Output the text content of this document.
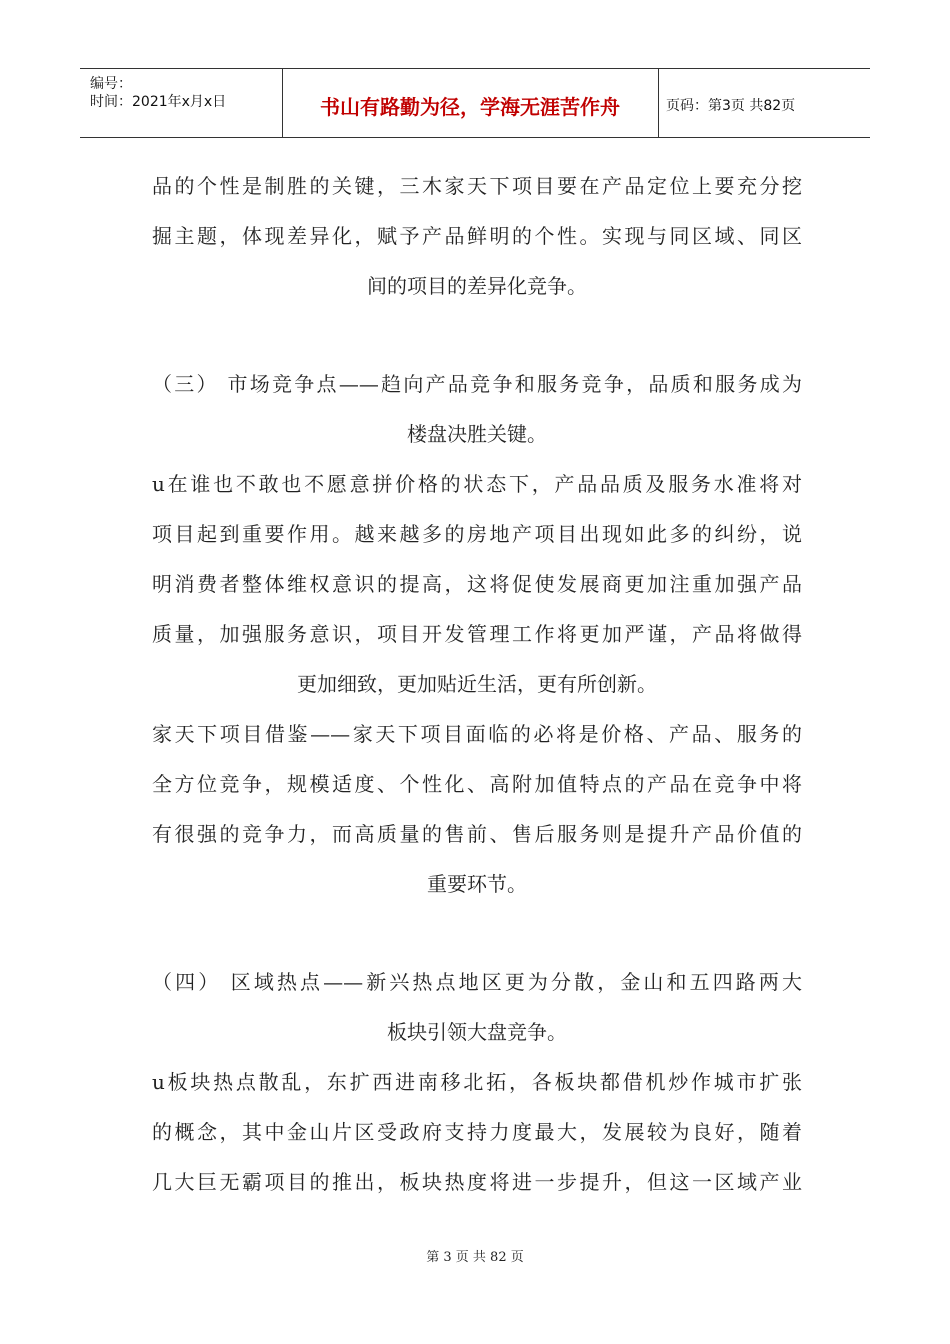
编号：
时间：2021年x月x日	书山有路勤为径，学海无涯苦作舟	页码：第3页 共82页
品的个性是制胜的关键，三木家天下项目要在产品定位上要充分挖
掘主题，体现差异化，赋予产品鲜明的个性。实现与同区域、同区
间的项目的差异化竞争。
（三） 市场竞争点——趋向产品竞争和服务竞争，品质和服务成为
楼盘决胜关键。
u在谁也不敢也不愿意拼价格的状态下，产品品质及服务水准将对
项目起到重要作用。越来越多的房地产项目出现如此多的纠纷，说
明消费者整体维权意识的提高，这将促使发展商更加注重加强产品
质量，加强服务意识，项目开发管理工作将更加严谨，产品将做得
更加细致，更加贴近生活，更有所创新。
家天下项目借鉴——家天下项目面临的必将是价格、产品、服务的
全方位竞争，规模适度、个性化、高附加值特点的产品在竞争中将
有很强的竞争力，而高质量的售前、售后服务则是提升产品价值的
重要环节。
（四） 区域热点——新兴热点地区更为分散，金山和五四路两大
板块引领大盘竞争。
u板块热点散乱，东扩西进南移北拓，各板块都借机炒作城市扩张
的概念，其中金山片区受政府支持力度最大，发展较为良好，随着
几大巨无霸项目的推出，板块热度将进一步提升，但这一区域产业
第 3 页 共 82 页
